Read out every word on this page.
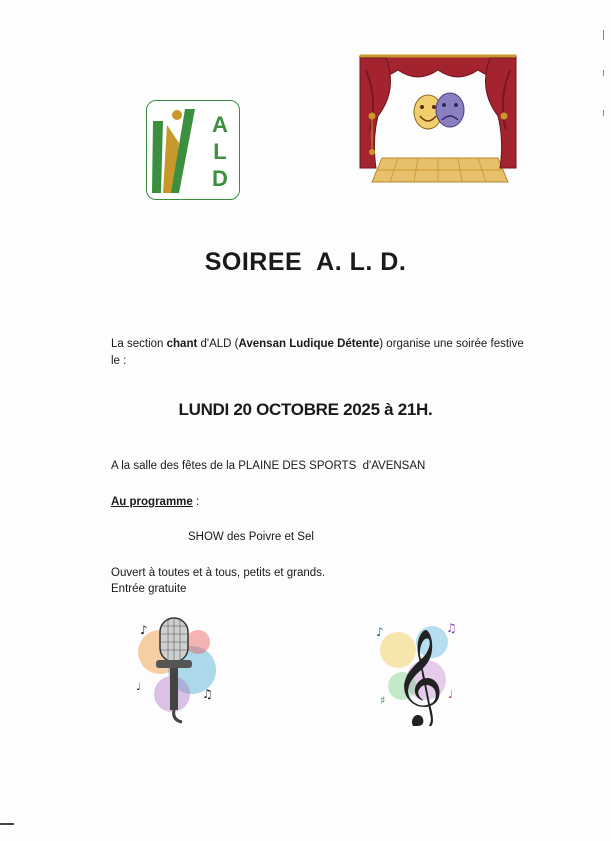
A
L
D
SOIREE  A. L. D.
La section chant d'ALD (Avensan Ludique Détente) organise une soirée festive le :
LUNDI 20 OCTOBRE 2025 à 21H.
A la salle des fêtes de la PLAINE DES SPORTS  d'AVENSAN
Au programme :
SHOW des Poivre et Sel
Ouvert à toutes et à tous, petits et grands.
Entrée gratuite
♪
♫
♩	𝄞
♪	♫
♯	♩
